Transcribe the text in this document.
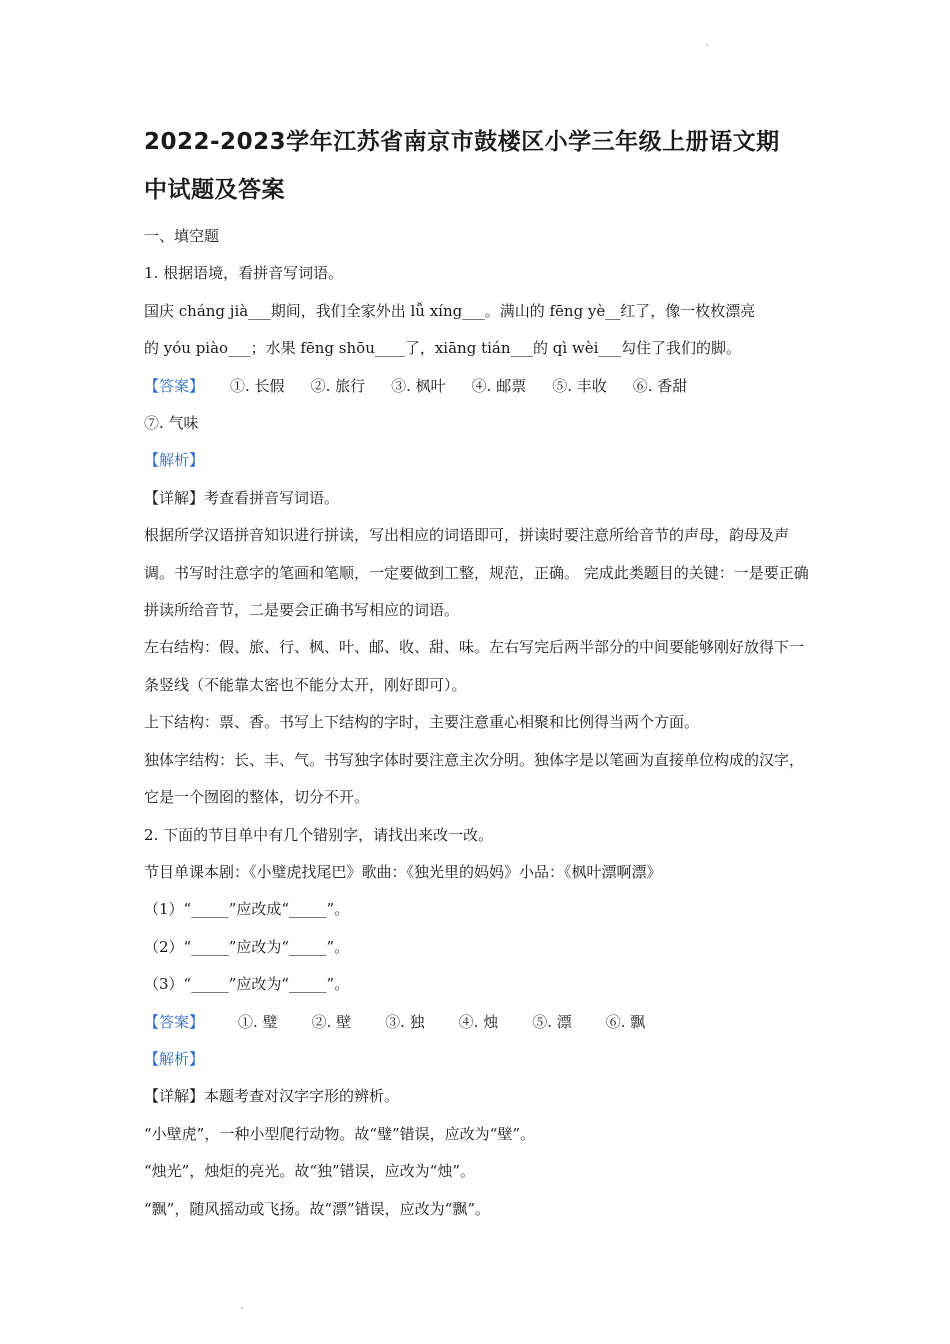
2022-2023学年江苏省南京市鼓楼区小学三年级上册语文期

中试题及答案

一、填空题

1. 根据语境，看拼音写词语。

国庆 cháng jià___期间，我们全家外出 lǚ xíng___。满山的 fēng yè__红了，像一枚枚漂亮

的 yóu piào___；水果 fēng shōu____了，xiāng tián___的 qì wèi___勾住了我们的脚。

【答案】 ①. 长假 ②. 旅行 ③. 枫叶 ④. 邮票 ⑤. 丰收 ⑥. 香甜

⑦. 气味

【解析】

【详解】考查看拼音写词语。

根据所学汉语拼音知识进行拼读，写出相应的词语即可，拼读时要注意所给音节的声母，韵母及声调。书写时注意字的笔画和笔顺，一定要做到工整，规范，正确。 完成此类题目的关键：一是要正确拼读所给音节，二是要会正确书写相应的词语。

左右结构：假、旅、行、枫、叶、邮、收、甜、味。左右写完后两半部分的中间要能够刚好放得下一条竖线（不能靠太密也不能分太开，刚好即可）。

上下结构：票、香。书写上下结构的字时，主要注意重心相聚和比例得当两个方面。

独体字结构：长、丰、气。书写独字体时要注意主次分明。独体字是以笔画为直接单位构成的汉字，它是一个囫囵的整体，切分不开。

2. 下面的节目单中有几个错别字，请找出来改一改。

节目单课本剧：《小璧虎找尾巴》歌曲：《独光里的妈妈》小品：《枫叶漂啊漂》

（1）“_____”应改成“_____”。

（2）“_____”应改为“_____”。

（3）“_____”应改为“_____”。

【答案】 ①. 璧 ②. 壁 ③. 独 ④. 烛 ⑤. 漂 ⑥. 飘

【解析】

【详解】本题考查对汉字字形的辨析。

“小壁虎”，一种小型爬行动物。故“璧”错误，应改为“壁”。

“烛光”，烛炬的亮光。故“独”错误，应改为“烛”。

“飘”，随风摇动或飞扬。故“漂”错误，应改为“飘”。
